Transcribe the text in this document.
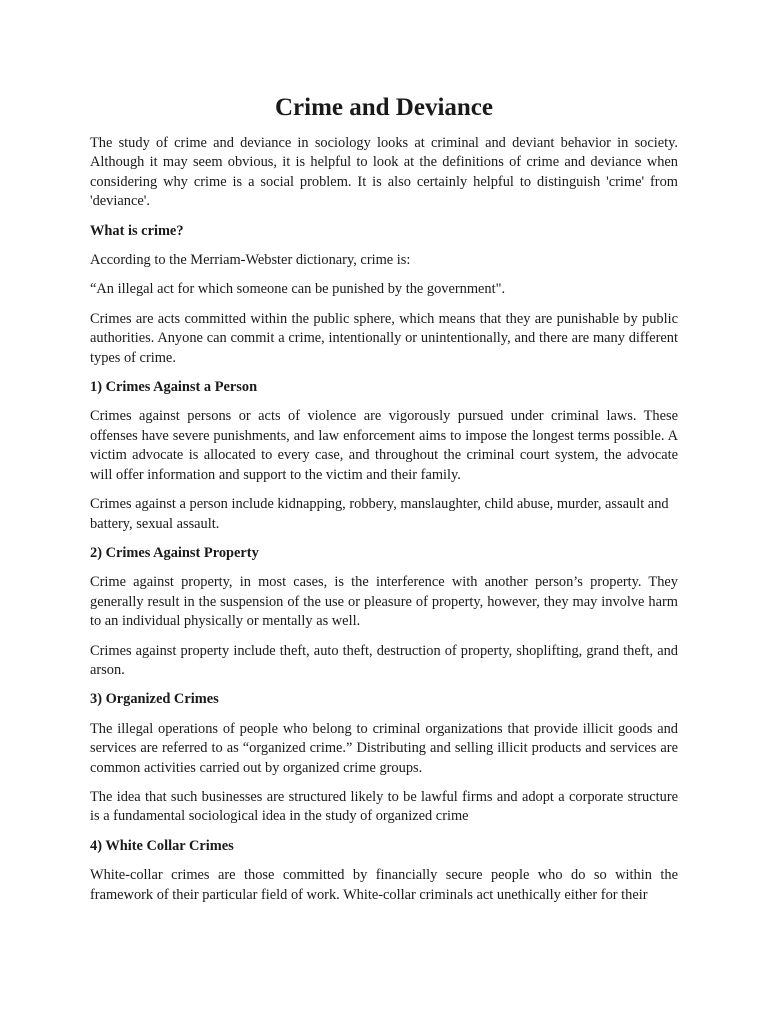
Crime and Deviance

The study of crime and deviance in sociology looks at criminal and deviant behavior in society. Although it may seem obvious, it is helpful to look at the definitions of crime and deviance when considering why crime is a social problem. It is also certainly helpful to distinguish 'crime' from 'deviance'.

What is crime?

According to the Merriam-Webster dictionary, crime is:

“An illegal act for which someone can be punished by the government".

Crimes are acts committed within the public sphere, which means that they are punishable by public authorities. Anyone can commit a crime, intentionally or unintentionally, and there are many different types of crime.

1) Crimes Against a Person

Crimes against persons or acts of violence are vigorously pursued under criminal laws. These offenses have severe punishments, and law enforcement aims to impose the longest terms possible. A victim advocate is allocated to every case, and throughout the criminal court system, the advocate will offer information and support to the victim and their family.

Crimes against a person include kidnapping, robbery, manslaughter, child abuse, murder, assault and battery, sexual assault.

2) Crimes Against Property

Crime against property, in most cases, is the interference with another person’s property. They generally result in the suspension of the use or pleasure of property, however, they may involve harm to an individual physically or mentally as well.

Crimes against property include theft, auto theft, destruction of property, shoplifting, grand theft, and arson.

3) Organized Crimes

The illegal operations of people who belong to criminal organizations that provide illicit goods and services are referred to as “organized crime.” Distributing and selling illicit products and services are common activities carried out by organized crime groups.

The idea that such businesses are structured likely to be lawful firms and adopt a corporate structure is a fundamental sociological idea in the study of organized crime

4) White Collar Crimes

White-collar crimes are those committed by financially secure people who do so within the framework of their particular field of work. White-collar criminals act unethically either for their
